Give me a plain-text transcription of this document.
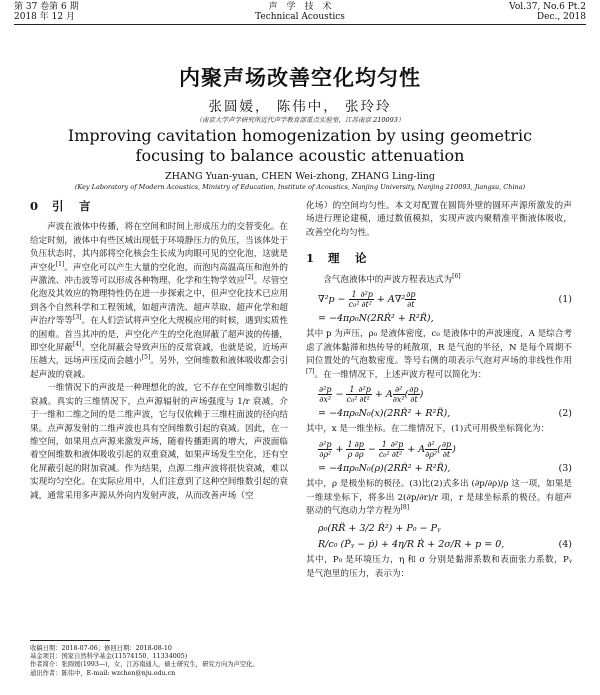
第 37 卷第 6 期
2018 年 12 月
声　学　技　术
Technical Acoustics
Vol.37, No.6 Pt.2
Dec., 2018
内聚声场改善空化均匀性
张圆媛， 陈伟中， 张玲玲
（南京大学声学研究所近代声学教育部重点实验室，江苏南京 210093）
Improving cavitation homogenization by using geometric
focusing to balance acoustic attenuation
ZHANG Yuan-yuan, CHEN Wei-zhong, ZHANG Ling-ling
(Key Laboratory of Modern Acoustics, Ministry of Education, Institute of Acoustics, Nanjing University, Nanjing 210093, Jiangsu, China)
0 引　言

声波在液体中传播，将在空间和时间上形成压力的交替变化。在给定时刻，液体中有些区域出现低于环境静压力的负压，当该体处于负压状态时，其内部将空化核会生长成为肉眼可见的空化泡，这就是声空化[1]。声空化可以产生大量的空化泡，而泡内高温高压和泡外的声激流、冲击波等可以形成各种物理、化学和生物学效应[2]。尽管空化泡及其效应的物理特性仍在进一步探索之中，但声空化技术已应用到各个自然科学和工程领域，如超声清洗、超声萃取、超声化学和超声治疗等等[3]。在人们尝试将声空化大规模应用的时候，遇到实质性的困难。首当其冲的是，声空化产生的空化泡屏蔽了超声波的传播，即空化屏蔽[4]。空化屏蔽会导致声压的反常衰减，也就是说，近场声压越大，远场声压反而会越小[5]。另外，空间维数和液体吸收都会引起声波的衰减。

一维情况下的声波是一种理想化的波，它不存在空间维数引起的衰减。真实的三维情况下，点声源辐射的声场强度与 1/r 衰减，介于一维和二维之间的是二维声波，它与仅依赖于三维柱面波的径向结果。点声源发射的二维声波也具有空间维数引起的衰减。因此，在一维空间，如果用点声源来激发声场，随着传播距离的增大，声波面临着空间维数和液体吸收引起的双重衰减，如果声场发生空化，还有空化屏蔽引起的附加衰减。作为结果，点源二维声波将很快衰减，难以实现均匀空化。在实际应用中，人们注意到了这种空间维数引起的衰减，通常采用多声源从外向内发射声波，从而改善声场（空

收稿日期：2018-07-06；修回日期：2018-08-10
基金项目：国家自然科学基金(11574150、11334005)
作者简介：张圆媛(1993—)，女，江苏南通人，硕士研究生，研究方向为声空化。
通讯作者：陈伟中，E-mail: wzchen@nju.edu.cn

化场）的空间均匀性。本文对配置在圆筒外壁的圆环声源所激发的声场进行理论建模，通过数值模拟，实现声波内聚精准平衡液体吸收，改善空化均匀性。

1 理　论

含气泡液体中的声波方程表达式为[6]

$\nabla^2p - \frac{1}{\text{c₀²}} \frac{\text{∂²p}}{\text{∂t²}} + A\nabla^2 \frac{\partial p}{\partial t}$	(1)
= −4πρ₀N(2RṘ² + R²R̈),

其中 p 为声压，ρ₀ 是液体密度，c₀ 是液体中的声波速度，A 是综合考虑了液体黏滞和热传导的耗散项，R 是气泡的半径，N 是每个周期不同位置处的气泡数密度。等号右侧的项表示气泡对声场的非线性作用[7]。在一维情况下，上述声波方程可以简化为：

$\frac{\text{∂²p}}{\text{∂x²}} - \frac{1}{\text{c₀²}} \frac{\text{∂²p}}{\text{∂t²}} + A \frac{\text{∂²}}{\text{∂x²}}$ ( $\frac{\partial p}{\partial t}$ )
= −4πρ₀N₀(x)(2RṘ² + R²R̈),	(2)

其中，x 是一维坐标。在二维情况下，(1)式可用极坐标简化为：

$\frac{\text{∂²p}}{\text{∂ρ²}} + \frac{1}{\rho} \frac{\partial p}{\partial\rho} - \frac{1}{\text{c₀²}} \frac{\text{∂²p}}{\text{∂t²}} + A \frac{\text{∂²}}{\text{∂ρ²}}$ ( $\frac{\partial p}{\partial t}$ )
= −4πρ₀N₀(ρ)(2RṘ² + R²R̈),	(3)

其中，ρ 是极坐标的极径。(3)比(2)式多出 (∂p/∂ρ)/ρ 这一项，如果是一维球坐标下，将多出 2(∂p/∂r)/r 项，r 是球坐标系的极径。有超声驱动的气泡动力学方程为[8]

ρ₀(RR̈ + 3/2 Ṙ²) + P₀ − Pᵧ
R/c₀ (Ṗᵧ − ṗ) + 4η/R Ṙ + 2σ/R + p = 0,	(4)

其中，P₀ 是环境压力，η 和 σ 分别是黏滞系数和表面张力系数，Pᵧ 是气泡里的压力，表示为：
